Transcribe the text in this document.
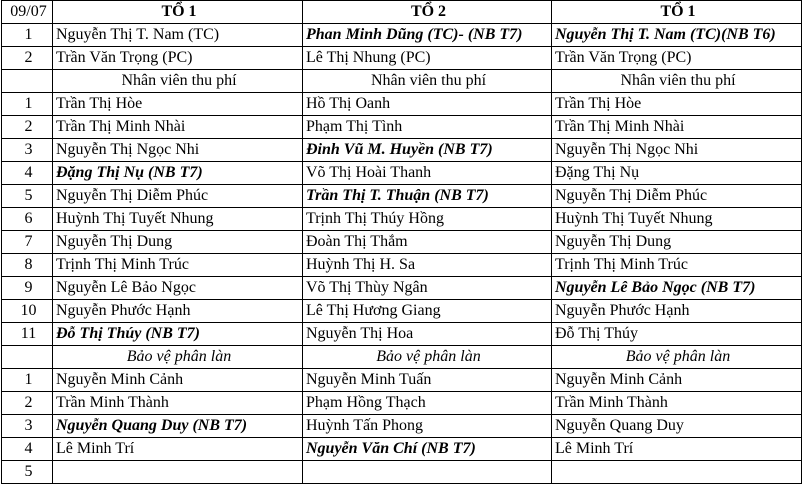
09/07	TỔ 1	TỔ 2	TỔ 1
1	Nguyễn Thị T. Nam (TC)	Phan Minh Dũng (TC)- (NB T7)	Nguyễn Thị T. Nam (TC)(NB T6)
2	Trần Văn Trọng (PC)	Lê Thị Nhung (PC)	Trần Văn Trọng (PC)
	Nhân viên thu phí	Nhân viên thu phí	Nhân viên thu phí
1	Trần Thị Hòe	Hồ Thị Oanh	Trần Thị Hòe
2	Trần Thị Minh Nhài	Phạm Thị Tình	Trần Thị Minh Nhài
3	Nguyễn Thị Ngọc Nhi	Đinh Vũ M. Huyền (NB T7)	Nguyễn Thị Ngọc Nhi
4	Đặng Thị Nụ (NB T7)	Võ Thị Hoài Thanh	Đặng Thị Nụ
5	Nguyễn Thị Diễm Phúc	Trần Thị T. Thuận (NB T7)	Nguyễn Thị Diễm Phúc
6	Huỳnh Thị Tuyết Nhung	Trịnh Thị Thúy Hồng	Huỳnh Thị Tuyết Nhung
7	Nguyễn Thị Dung	Đoàn Thị Thắm	Nguyễn Thị Dung
8	Trịnh Thị Minh Trúc	Huỳnh Thị H. Sa	Trịnh Thị Minh Trúc
9	Nguyễn Lê Bảo Ngọc	Võ Thị Thùy Ngân	Nguyễn Lê Bảo Ngọc (NB T7)
10	Nguyễn Phước Hạnh	Lê Thị Hương Giang	Nguyễn Phước Hạnh
11	Đỗ Thị Thúy (NB T7)	Nguyễn Thị Hoa	Đỗ Thị Thúy
	Bảo vệ phân làn	Bảo vệ phân làn	Bảo vệ phân làn
1	Nguyễn Minh Cảnh	Nguyễn Minh Tuấn	Nguyễn Minh Cảnh
2	Trần Minh Thành	Phạm Hồng Thạch	Trần Minh Thành
3	Nguyễn Quang Duy (NB T7)	Huỳnh Tấn Phong	Nguyễn Quang Duy
4	Lê Minh Trí	Nguyễn Văn Chí (NB T7)	Lê Minh Trí
5			
